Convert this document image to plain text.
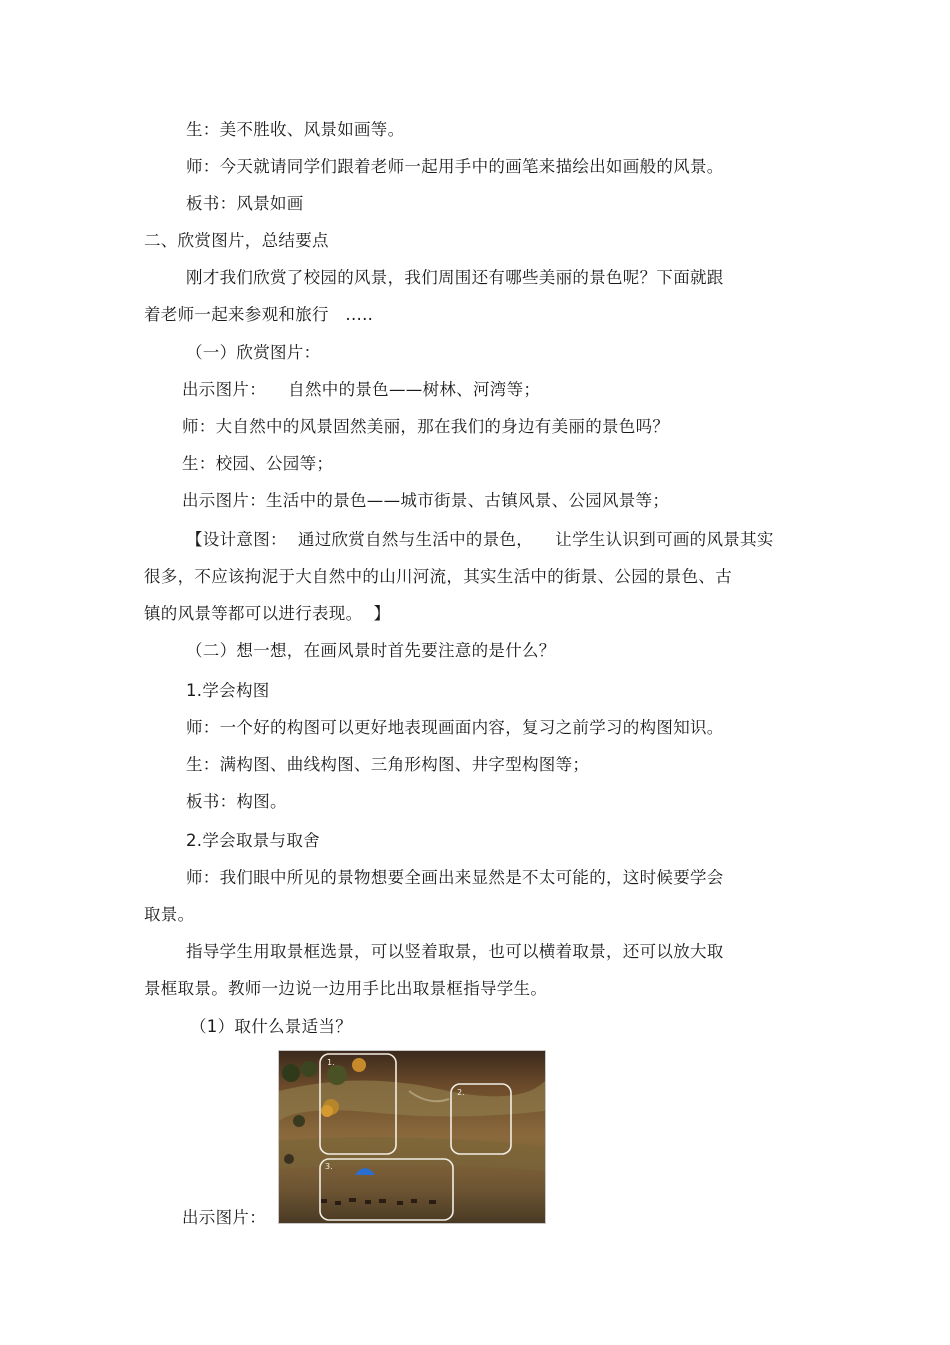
生：美不胜收、风景如画等。
师：今天就请同学们跟着老师一起用手中的画笔来描绘出如画般的风景。
板书：风景如画
二、欣赏图片，总结要点
刚才我们欣赏了校园的风景，我们周围还有哪些美丽的景色呢？下面就跟
着老师一起来参观和旅行   .....
（一）欣赏图片：
出示图片：    自然中的景色——树林、河湾等；
师：大自然中的风景固然美丽，那在我们的身边有美丽的景色吗？
生：校园、公园等；
出示图片：生活中的景色——城市街景、古镇风景、公园风景等；
【设计意图：  通过欣赏自然与生活中的景色，    让学生认识到可画的风景其实
很多，不应该拘泥于大自然中的山川河流，其实生活中的街景、公园的景色、古
镇的风景等都可以进行表现。  】
（二）想一想，在画风景时首先要注意的是什么？
1.学会构图
师：一个好的构图可以更好地表现画面内容，复习之前学习的构图知识。
生：满构图、曲线构图、三角形构图、井字型构图等；
板书：构图。
2.学会取景与取舍
师：我们眼中所见的景物想要全画出来显然是不太可能的，这时候要学会
取景。
指导学生用取景框选景，可以竖着取景，也可以横着取景，还可以放大取
景框取景。教师一边说一边用手比出取景框指导学生。
（1）取什么景适当？
出示图片：
1.
2.
3.
